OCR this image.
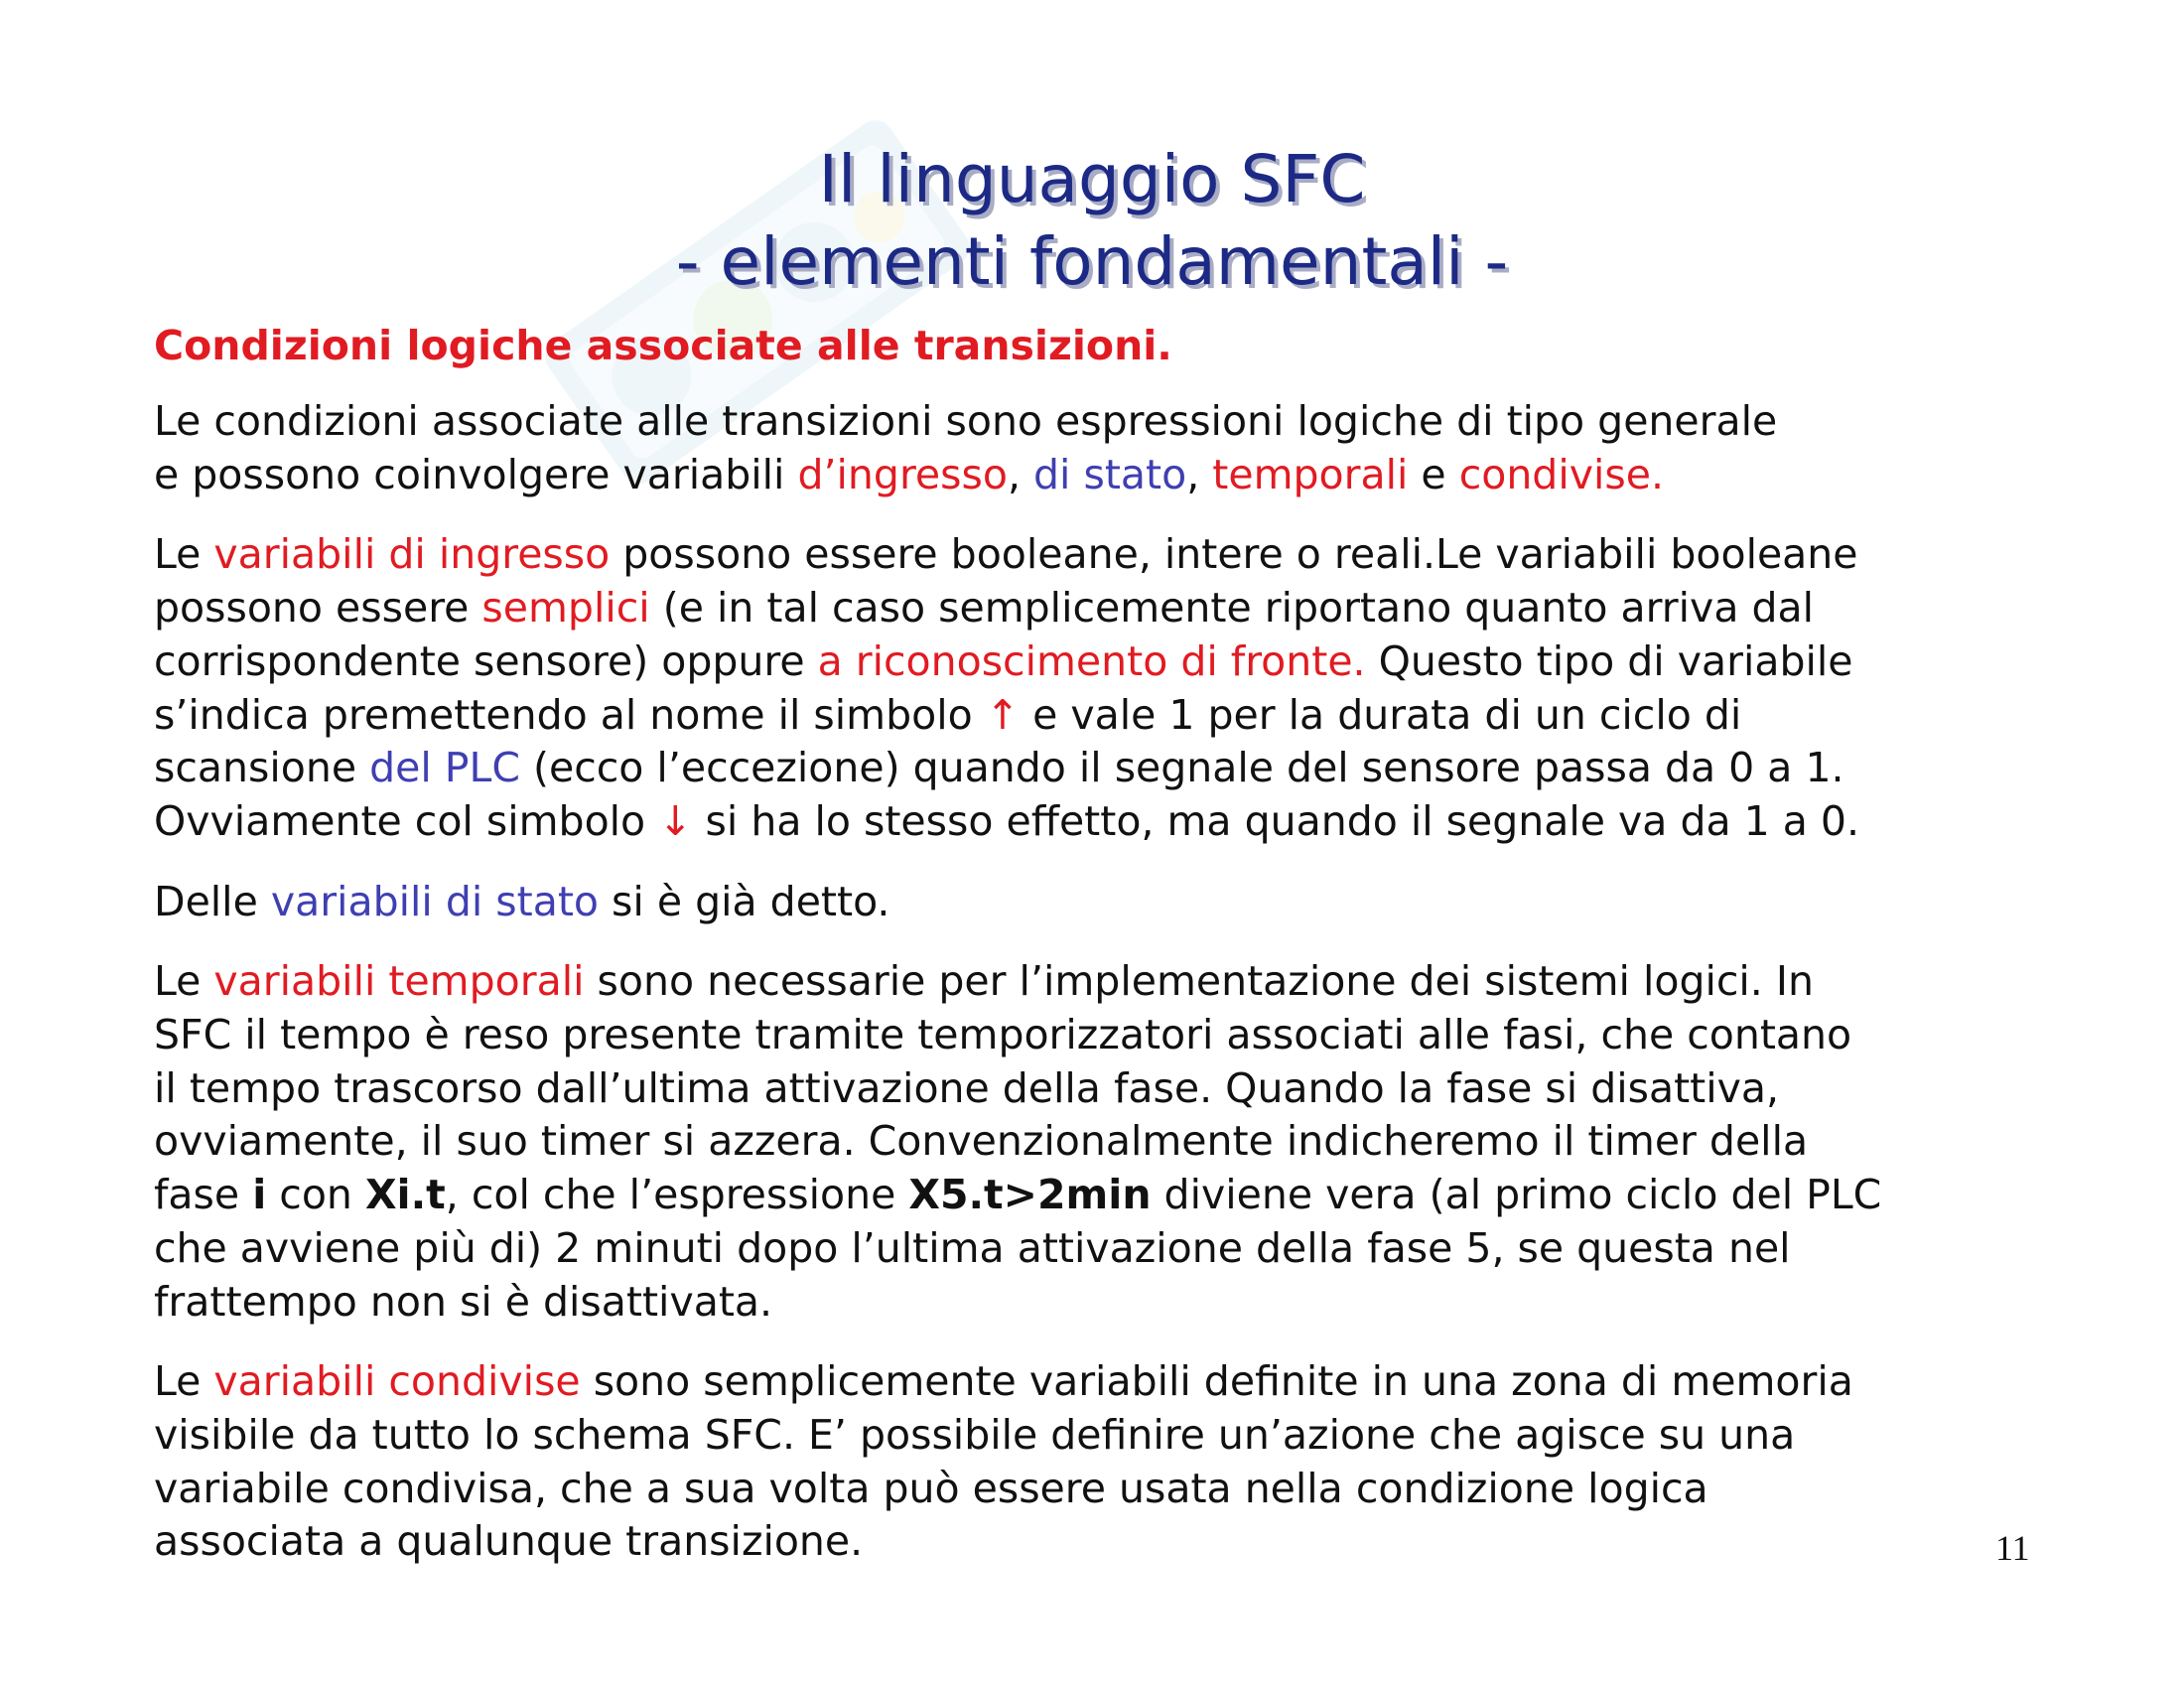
Il linguaggio SFC
- elementi fondamentali -
Condizioni logiche associate alle transizioni.

Le condizioni associate alle transizioni sono espressioni logiche di tipo generale
e possono coinvolgere variabili d’ingresso, di stato, temporali e condivise.

Le variabili di ingresso possono essere booleane, intere o reali.Le variabili booleane
possono essere semplici (e in tal caso semplicemente riportano quanto arriva dal
corrispondente sensore) oppure a riconoscimento di fronte. Questo tipo di variabile
s’indica premettendo al nome il simbolo ↑ e vale 1 per la durata di un ciclo di
scansione del PLC (ecco l’eccezione) quando il segnale del sensore passa da 0 a 1.
Ovviamente col simbolo ↓ si ha lo stesso effetto, ma quando il segnale va da 1 a 0.

Delle variabili di stato si è già detto.

Le variabili temporali sono necessarie per l’implementazione dei sistemi logici. In
SFC il tempo è reso presente tramite temporizzatori associati alle fasi, che contano
il tempo trascorso dall’ultima attivazione della fase. Quando la fase si disattiva,
ovviamente, il suo timer si azzera. Convenzionalmente indicheremo il timer della
fase i con Xi.t, col che l’espressione X5.t>2min diviene vera (al primo ciclo del PLC
che avviene più di) 2 minuti dopo l’ultima attivazione della fase 5, se questa nel
frattempo non si è disattivata.

Le variabili condivise sono semplicemente variabili definite in una zona di memoria
visibile da tutto lo schema SFC. E’ possibile definire un’azione che agisce su una
variabile condivisa, che a sua volta può essere usata nella condizione logica
associata a qualunque transizione.	11
